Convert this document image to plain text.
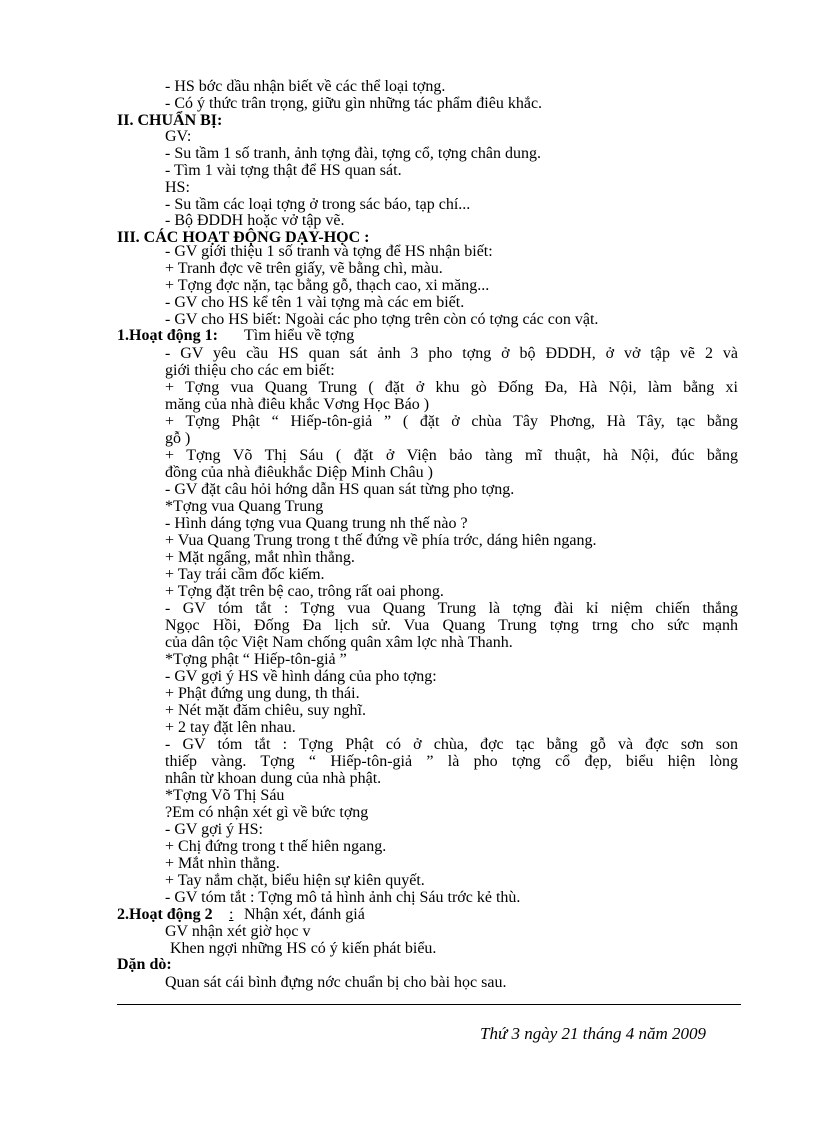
- HS bớc dầu nhận biết về các thể loại tợng.
- Có ý thức trân trọng, giữu gìn những tác phẩm điêu khắc.
II. CHUẨN BỊ:
GV:
- Su tầm 1 số tranh, ảnh tợng đài, tợng cổ, tợng chân dung.
- Tìm 1 vài tợng thật để HS quan sát.
HS:
- Su tầm các loại tợng ở trong sác báo, tạp chí...
- Bộ ĐDDH hoặc vở tập vẽ.
III. CÁC HOẠT ĐỘNG DẠY-HỌC :
- GV giới thiệu 1 số tranh và tợng để HS nhận biết:
+ Tranh đợc vẽ trên giấy, vẽ bằng chì, màu.
+ Tợng đợc nặn, tạc bằng gỗ, thạch cao, xi măng...
- GV cho HS kể tên 1 vài tợng mà các em biết.
- GV cho HS biết: Ngoài các pho tợng trên còn có tợng các con vật.
1.Hoạt động 1: Tìm hiểu về tợng
- GV yêu cầu HS quan sát ảnh 3 pho tợng ở bộ ĐDDH, ở vở tập vẽ 2 và
giới thiệu cho các em biết:
+ Tợng vua Quang Trung ( đặt ở khu gò Đống Đa, Hà Nội, làm bằng xi
măng của nhà điêu khắc Vơng Học Báo )
+ Tợng Phật “ Hiếp-tôn-giả ” ( đặt ở chùa Tây Phơng, Hà Tây, tạc bằng
gỗ )
+ Tợng Võ Thị Sáu ( đặt ở Viện bảo tàng mĩ thuật, hà Nội, đúc bằng
đồng của nhà điêukhắc Diệp Minh Châu )
- GV đặt câu hỏi hớng dẫn HS quan sát từng pho tợng.
*Tợng vua Quang Trung
- Hình dáng tợng vua Quang trung nh thế nào ?
+ Vua Quang Trung trong t thế đứng về phía trớc, dáng hiên ngang.
+ Mặt ngẩng, mắt nhìn thẳng.
+ Tay trái cầm đốc kiếm.
+ Tợng đặt trên bệ cao, trông rất oai phong.
- GV tóm tắt : Tợng vua Quang Trung là tợng đài kỉ niệm chiến thắng
Ngọc Hồi, Đống Đa lịch sử. Vua Quang Trung tợng trng cho sức mạnh
của dân tộc Việt Nam chống quân xâm lợc nhà Thanh.
*Tợng phật “ Hiếp-tôn-giả ”
- GV gợi ý HS về hình dáng của pho tợng:
+ Phật đứng ung dung, th thái.
+ Nét mặt đăm chiêu, suy nghĩ.
+ 2 tay đặt lên nhau.
- GV tóm tắt : Tợng Phật có ở chùa, đợc tạc bằng gỗ và đợc sơn son
thiếp vàng. Tợng “ Hiếp-tôn-giả ” là pho tợng cổ đẹp, biểu hiện lòng
nhân từ khoan dung của nhà phật.
*Tợng Võ Thị Sáu
?Em có nhận xét gì về bức tợng
- GV gợi ý HS:
+ Chị đứng trong t thế hiên ngang.
+ Mắt nhìn thẳng.
+ Tay nắm chặt, biểu hiện sự kiên quyết.
- GV tóm tắt : Tợng mô tả hình ảnh chị Sáu trớc kẻ thù.
2.Hoạt động 2 : Nhận xét, đánh giá
GV nhận xét giờ học v
Khen ngợi những HS có ý kiến phát biểu.
Dặn dò:
Quan sát cái bình đựng nớc chuẩn bị cho bài học sau.
Thứ 3 ngày 21 tháng 4 năm 2009
